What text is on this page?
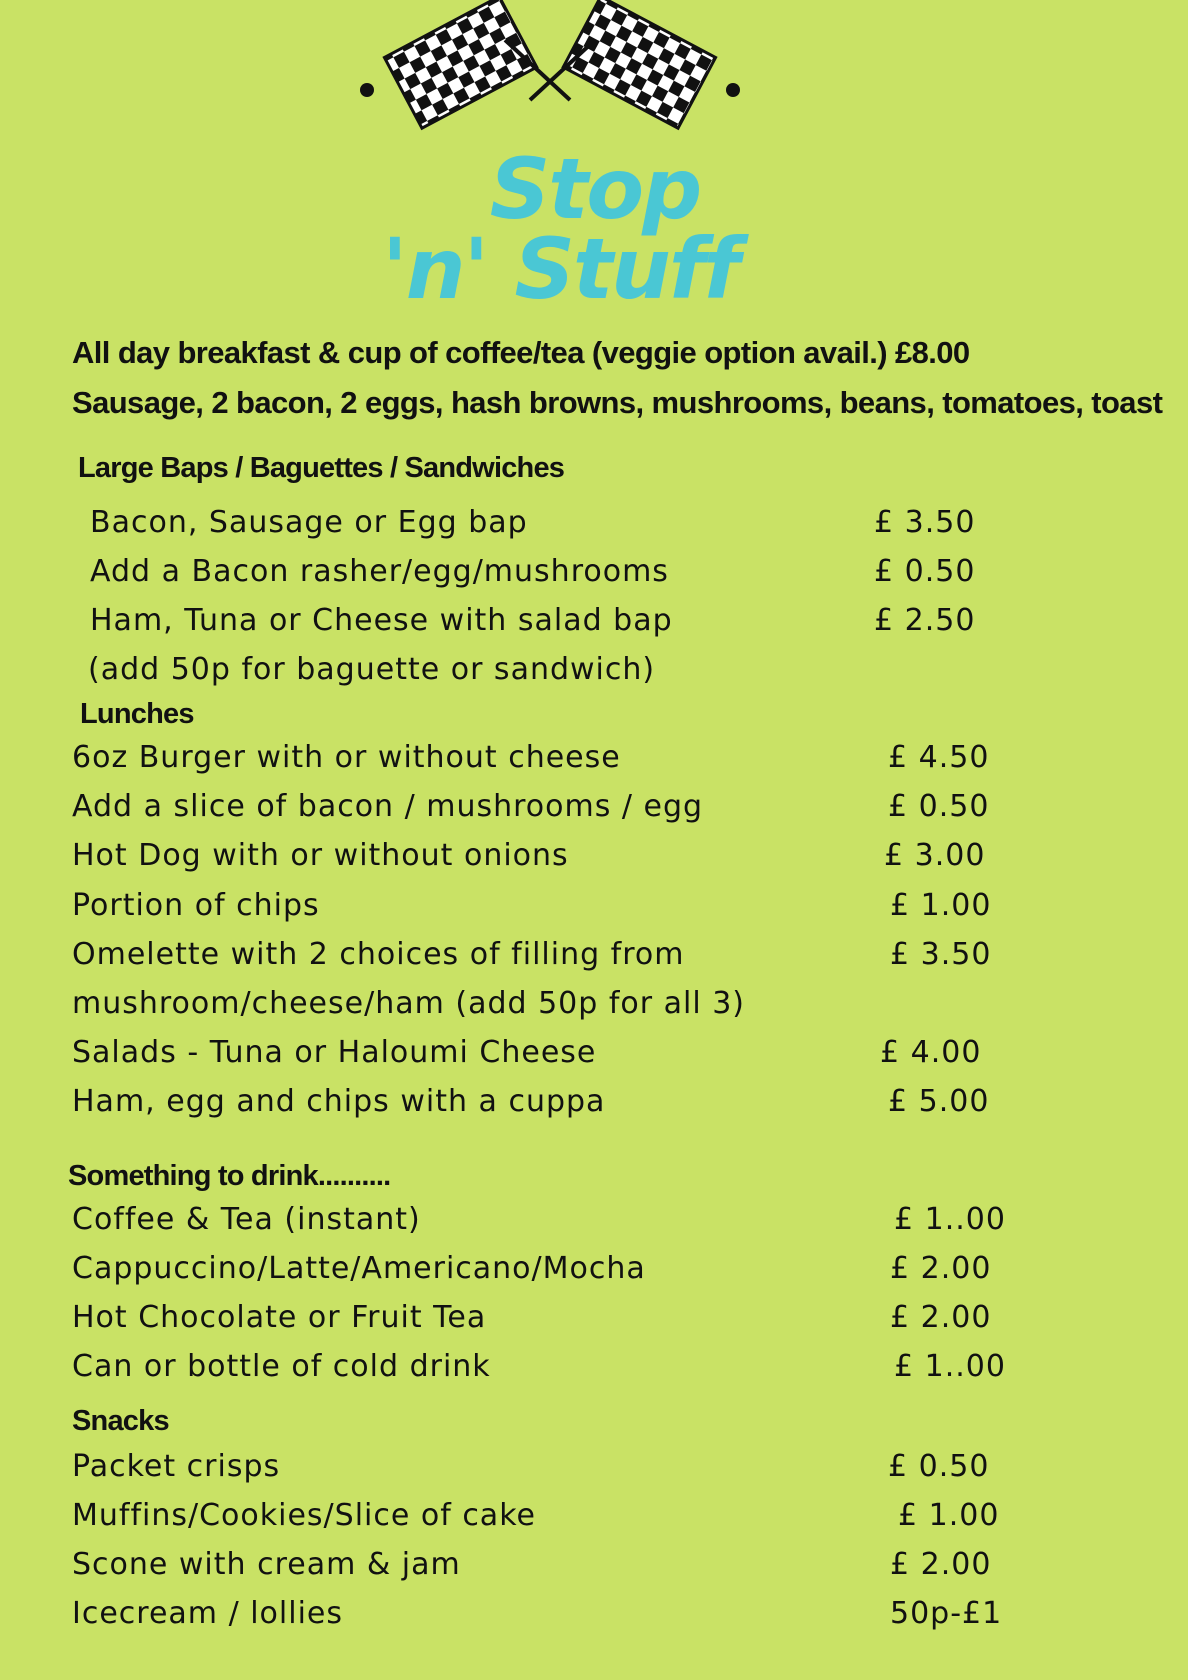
Stop
'n' Stuff
All day breakfast & cup of coffee/tea (veggie option avail.) £8.00
Sausage, 2 bacon, 2 eggs, hash browns, mushrooms, beans, tomatoes, toast
Large Baps / Baguettes / Sandwiches
Bacon, Sausage or Egg bap	£ 3.50
Add a Bacon rasher/egg/mushrooms	£ 0.50
Ham, Tuna or Cheese with salad bap	£ 2.50
(add 50p for baguette or sandwich)
Lunches
6oz Burger with or without cheese	£ 4.50
Add a slice of bacon / mushrooms / egg	£ 0.50
Hot Dog with or without onions	£ 3.00
Portion of chips	£ 1.00
Omelette with 2 choices of filling from	£ 3.50
mushroom/cheese/ham (add 50p for all 3)
Salads - Tuna or Haloumi Cheese	£ 4.00
Ham, egg and chips with a cuppa	£ 5.00
Something to drink..........
Coffee & Tea (instant)	£ 1..00
Cappuccino/Latte/Americano/Mocha	£ 2.00
Hot Chocolate or Fruit Tea	£ 2.00
Can or bottle of cold drink	£ 1..00
Snacks
Packet crisps	£ 0.50
Muffins/Cookies/Slice of cake	£ 1.00
Scone with cream & jam	£ 2.00
Icecream / lollies	50p-£1
